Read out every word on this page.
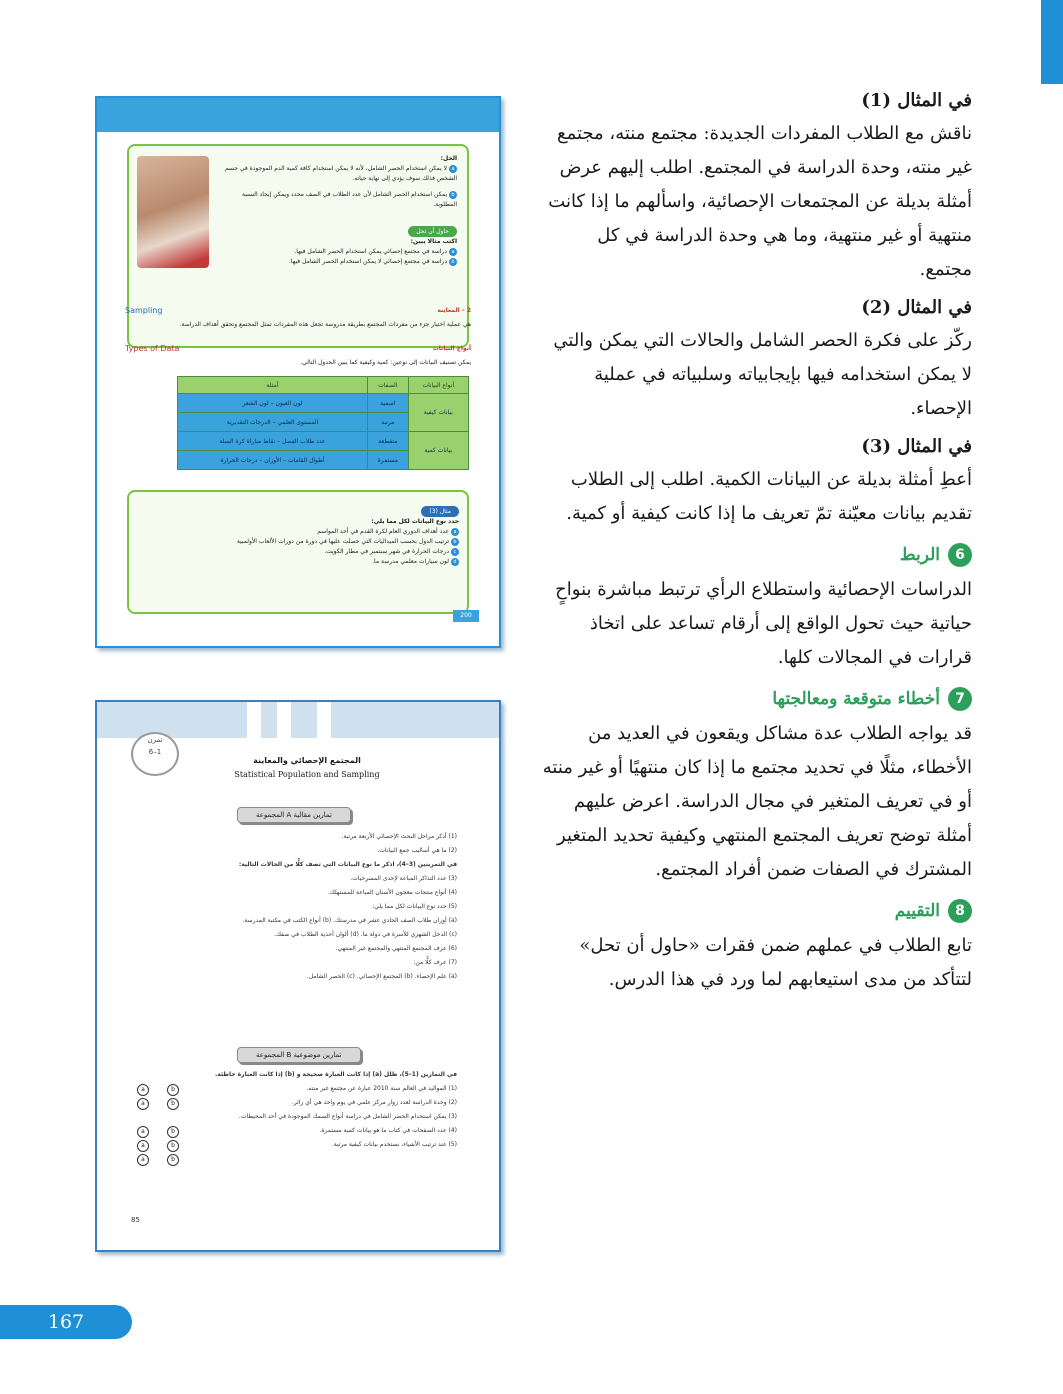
الحل:
aلا يمكن استخدام الحصر الشامل، لأنه لا يمكن استخدام كافة كمية الدم الموجودة في جسم الشخص فذلك سوف يؤدي إلى نهاية حياته.
bيمكن استخدام الحصر الشامل لأن عدد الطلاب في الصف محدد ويمكن إيجاد النسبة المطلوبة.
حاول أن تحل
اكتب مثالا يبين:
aدراسة في مجتمع إحصائي يمكن استخدام الحصر الشامل فيها.
bدراسة في مجتمع إحصائي لا يمكن استخدام الحصر الشامل فيها.
Sampling	2 – المعاينة
هي عملية اختيار جزء من مفردات المجتمع بطريقة مدروسة تجعل هذه المفردات تمثل المجتمع وتحقق أهداف الدراسة.
Types of Data	أنواع البيانات
يمكن تصنيف البيانات إلى نوعين: كمية وكيفية كما يبين الجدول التالي.
أنواع البيانات	الصفات	أمثلة
بيانات كيفية	اسمية	لون العيون – لون الشعر
	مرتبة	المستوى العلمي – الدرجات التقديرية
بيانات كمية	متقطعة	عدد طلاب الفصل – نقاط مباراة كرة السلة
	مستمرة	أطوال القامات – الأوزان – درجات الحرارة
مثال (3)
حدد نوع البيانات لكل مما يلي:
aعدد أهداف الدوري العام لكرة القدم في أحد المواسم
bترتيب الدول بحسب الميداليات التي حصلت عليها في دورة من دورات الألعاب الأولمبية
cدرجات الحرارة في شهر سبتمبر في مطار الكويت.
dلون سيارات معلمي مدرسة ما.
200
تمرن
6–1
المجتمع الإحصائي والمعاينة
Statistical Population and Sampling
المجموعة A تمارين مقالية
(1) أذكر مراحل البحث الإحصائي الأربعة مرتبة.
(2) ما هي أساليب جمع البيانات.
في التمرينين (3–4)، اذكر ما نوع البيانات التي تصف كلًّا من الحالات التالية:
(3) عدد التذاكر المباعة لإحدى المسرحيات.
(4) أنواع منتجات معجون الأسنان المباعة للمستهلك.
(5) حدد نوع البيانات لكل مما يلي:
(a) أوزان طلاب الصف الحادي عشر في مدرستك. (b) أنواع الكتب في مكتبة المدرسة.
(c) الدخل الشهري للأسرة في دولة ما. (d) ألوان أحذية الطلاب في صفك.
(6) عرف المجتمع المنتهي والمجتمع غير المنتهي.
(7) عرف كلًّا من:
(a) علم الإحصاء. (b) المجتمع الإحصائي. (c) الحصر الشامل.
المجموعة B تمارين موضوعية
في التمارين (1–5)، ظلل (a) إذا كانت العبارة صحيحة و (b) إذا كانت العبارة خاطئة.
(1) المواليد في العالم سنة 2010 عبارة عن مجتمع غير منته.
(2) وحدة الدراسة لعدد زوار مركز علمي في يوم واحد هي أي زائر.
(3) يمكن استخدام الحصر الشامل في دراسة أنواع السمك الموجودة في أحد المحيطات.
(4) عدد الصفحات في كتاب ما هو بيانات كمية مستمرة.
(5) عند ترتيب الأشياء، نستخدم بيانات كيفية مرتبة.
a	b
a	b
a	b
a	b
a	b
85
في المثال (1)

ناقش مع الطلاب المفردات الجديدة: مجتمع منته، مجتمع غير منته، وحدة الدراسة في المجتمع. اطلب إليهم عرض أمثلة بديلة عن المجتمعات الإحصائية، واسألهم ما إذا كانت منتهية أو غير منتهية، وما هي وحدة الدراسة في كل مجتمع.

في المثال (2)

ركّز على فكرة الحصر الشامل والحالات التي يمكن والتي لا يمكن استخدامه فيها بإيجابياته وسلبياته في عملية الإحصاء.

في المثال (3)

أعطِ أمثلة بديلة عن البيانات الكمية. اطلب إلى الطلاب تقديم بيانات معيّنة تمّ تعريف ما إذا كانت كيفية أو كمية.

6
الربط

الدراسات الإحصائية واستطلاع الرأي ترتبط مباشرة بنواحٍ حياتية حيث تحول الواقع إلى أرقام تساعد على اتخاذ قرارات في المجالات كلها.

7
أخطاء متوقعة ومعالجتها

قد يواجه الطلاب عدة مشاكل ويقعون في العديد من الأخطاء، مثلًا في تحديد مجتمع ما إذا كان منتهيًا أو غير منته أو في تعريف المتغير في مجال الدراسة. اعرض عليهم أمثلة توضح تعريف المجتمع المنتهي وكيفية تحديد المتغير المشترك في الصفات ضمن أفراد المجتمع.

8
التقييم

تابع الطلاب في عملهم ضمن فقرات «حاول أن تحل» لتتأكد من مدى استيعابهم لما ورد في هذا الدرس.

167
